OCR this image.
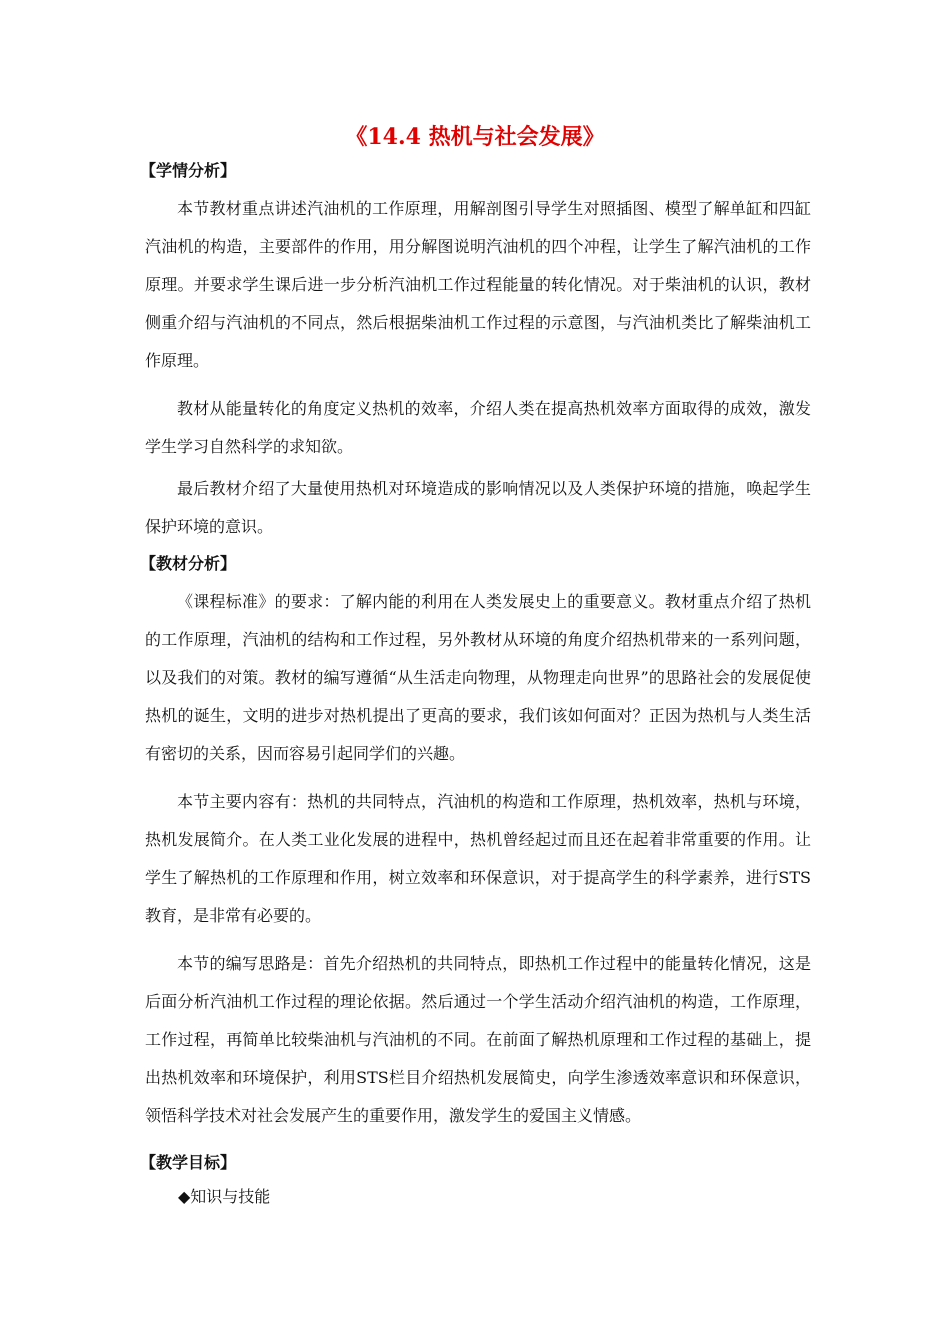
《14.4 热机与社会发展》
【学情分析】
本节教材重点讲述汽油机的工作原理，用解剖图引导学生对照插图、模型了解单缸和四缸汽油机的构造，主要部件的作用，用分解图说明汽油机的四个冲程，让学生了解汽油机的工作原理。并要求学生课后进一步分析汽油机工作过程能量的转化情况。对于柴油机的认识，教材侧重介绍与汽油机的不同点，然后根据柴油机工作过程的示意图，与汽油机类比了解柴油机工作原理。
教材从能量转化的角度定义热机的效率，介绍人类在提高热机效率方面取得的成效，激发学生学习自然科学的求知欲。
最后教材介绍了大量使用热机对环境造成的影响情况以及人类保护环境的措施，唤起学生保护环境的意识。
【教材分析】
《课程标准》的要求：了解内能的利用在人类发展史上的重要意义。教材重点介绍了热机的工作原理，汽油机的结构和工作过程，另外教材从环境的角度介绍热机带来的一系列问题，以及我们的对策。教材的编写遵循“从生活走向物理，从物理走向世界”的思路社会的发展促使热机的诞生，文明的进步对热机提出了更高的要求，我们该如何面对？正因为热机与人类生活有密切的关系，因而容易引起同学们的兴趣。
本节主要内容有：热机的共同特点，汽油机的构造和工作原理，热机效率，热机与环境，热机发展简介。在人类工业化发展的进程中，热机曾经起过而且还在起着非常重要的作用。让学生了解热机的工作原理和作用，树立效率和环保意识，对于提高学生的科学素养，进行STS教育，是非常有必要的。
本节的编写思路是：首先介绍热机的共同特点，即热机工作过程中的能量转化情况，这是后面分析汽油机工作过程的理论依据。然后通过一个学生活动介绍汽油机的构造，工作原理，工作过程，再简单比较柴油机与汽油机的不同。在前面了解热机原理和工作过程的基础上，提出热机效率和环境保护，利用STS栏目介绍热机发展简史，向学生渗透效率意识和环保意识，领悟科学技术对社会发展产生的重要作用，激发学生的爱国主义情感。
【教学目标】
◆知识与技能
